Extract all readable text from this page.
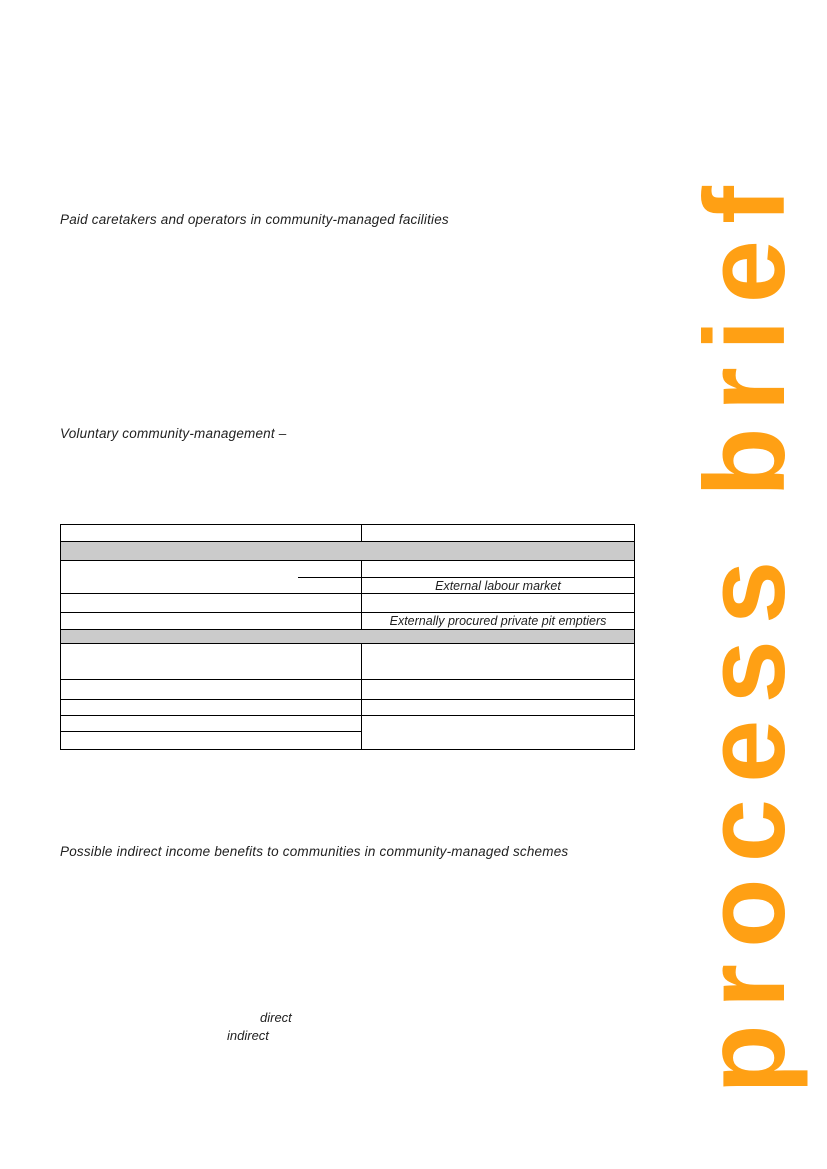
Paid caretakers and operators in community-managed facilities
Voluntary community-management –
External labour market
Externally procured private pit emptiers
Possible indirect income benefits to communities in community-managed schemes
direct
indirect	process brief
